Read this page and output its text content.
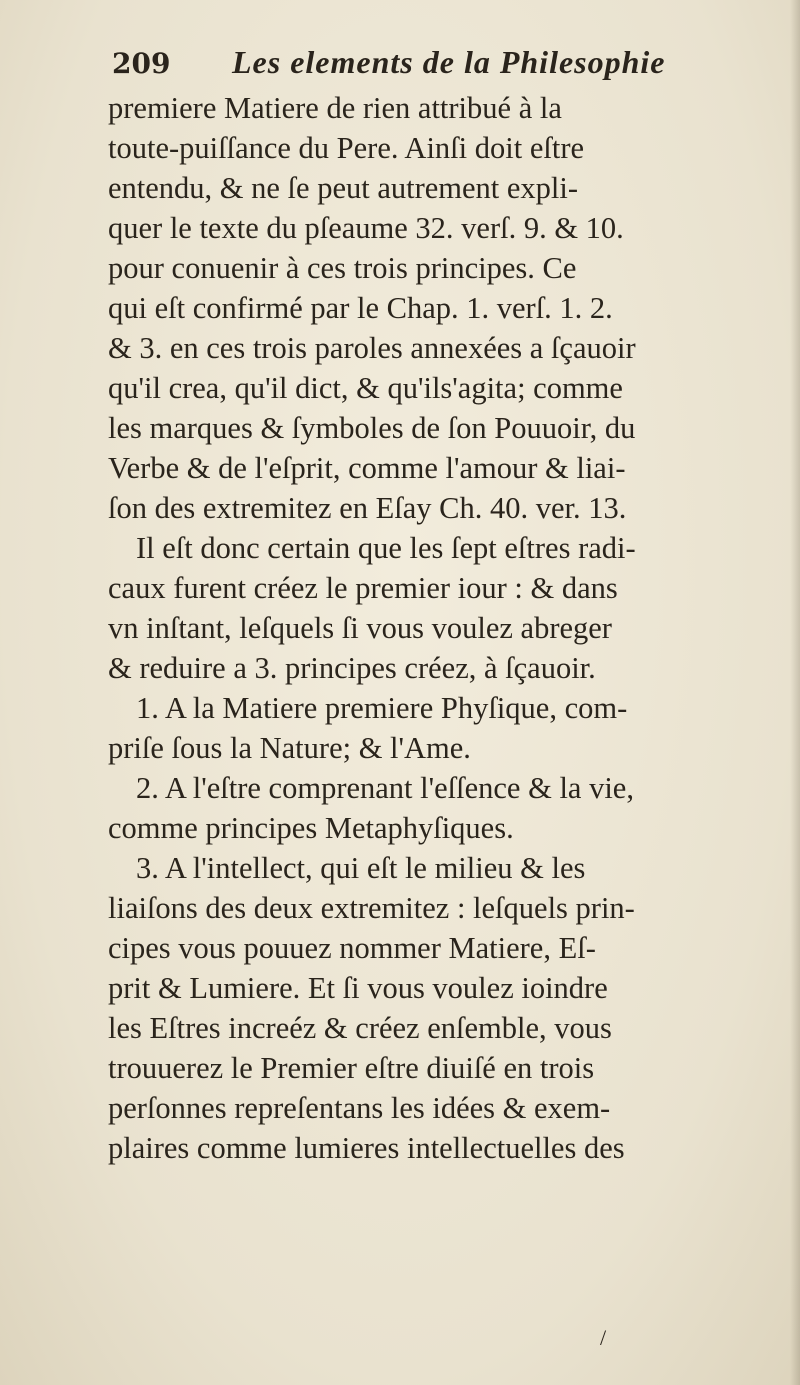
209	Les elements de la Philesophie
premiere Matiere de rien attribué à la
toute-puiſſance du Pere. Ainſi doit eſtre
entendu, & ne ſe peut autrement expli-
quer le texte du pſeaume 32. verſ. 9. & 10.
pour conuenir à ces trois principes. Ce
qui eſt confirmé par le Chap. 1. verſ. 1. 2.
& 3. en ces trois paroles annexées a ſçauoir
qu'il crea, qu'il dict, & qu'ils'agita; comme
les marques & ſymboles de ſon Pouuoir, du
Verbe & de l'eſprit, comme l'amour & liai-
ſon des extremitez en Eſay Ch. 40. ver. 13.
Il eſt donc certain que les ſept eſtres radi-
caux furent créez le premier iour : & dans
vn inſtant, leſquels ſi vous voulez abreger
& reduire a 3. principes créez, à ſçauoir.
1. A la Matiere premiere Phyſique, com-
priſe ſous la Nature; & l'Ame.
2. A l'eſtre comprenant l'eſſence & la vie,
comme principes Metaphyſiques.
3. A l'intellect, qui eſt le milieu & les
liaiſons des deux extremitez : leſquels prin-
cipes vous pouuez nommer Matiere, Eſ-
prit & Lumiere. Et ſi vous voulez ioindre
les Eſtres increéz & créez enſemble, vous
trouuerez le Premier eſtre diuiſé en trois
perſonnes repreſentans les idées & exem-
plaires comme lumieres intellectuelles des
/
